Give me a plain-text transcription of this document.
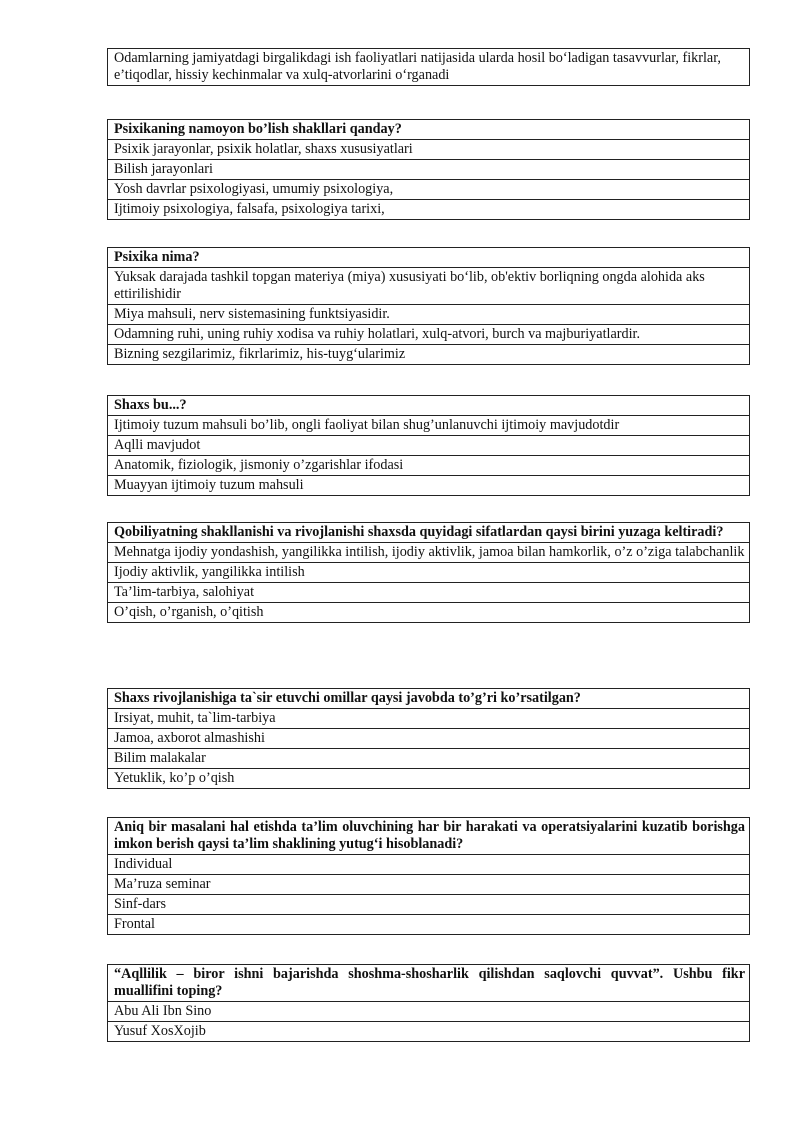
Odamlarning jamiyatdagi birgalikdagi ish faoliyatlari natijasida ularda hosil bo‘ladigan tasavvurlar, fikrlar, e’tiqodlar, hissiy kechinmalar va xulq-atvorlarini o‘rganadi
Psixikaning namoyon bo’lish shakllari qanday?
Psixik jarayonlar, psixik holatlar, shaxs xususiyatlari
Bilish jarayonlari
Yosh davrlar psixologiyasi, umumiy psixologiya,
Ijtimoiy psixologiya, falsafa, psixologiya tarixi,
Psixika nima?
Yuksak darajada tashkil topgan materiya (miya) xususiyati bo‘lib, ob'ektiv borliqning ongda alohida aks ettirilishidir
Miya mahsuli, nerv sistemasining funktsiyasidir.
Odamning ruhi, uning ruhiy xodisa va ruhiy holatlari, xulq-atvori, burch va majburiyatlardir.
Bizning sezgilarimiz, fikrlarimiz, his-tuyg‘ularimiz
Shaxs bu...?
Ijtimoiy tuzum mahsuli bo’lib, ongli faoliyat bilan shug’unlanuvchi ijtimoiy mavjudotdir
Aqlli mavjudot
Anatomik, fiziologik, jismoniy o’zgarishlar ifodasi
Muayyan ijtimoiy tuzum mahsuli
Qobiliyatning shakllanishi va rivojlanishi shaxsda quyidagi sifatlardan qaysi birini yuzaga keltiradi?
Mehnatga ijodiy yondashish, yangilikka intilish, ijodiy aktivlik, jamoa bilan hamkorlik, o’z o’ziga talabchanlik
Ijodiy aktivlik, yangilikka intilish
Ta’lim-tarbiya, salohiyat
O’qish, o’rganish, o’qitish
Shaxs rivojlanishiga ta`sir etuvchi omillar qaysi javobda to’g’ri ko’rsatilgan?
Irsiyat, muhit, ta`lim-tarbiya
Jamoa, axborot almashishi
Bilim malakalar
Yetuklik, ko’p o’qish
Aniq bir masalani hal etishda ta’lim oluvchining har bir harakati va operatsiyalarini kuzatib borishga imkon berish qaysi ta’lim shaklining yutug‘i hisoblanadi?
Individual
Ma’ruza seminar
Sinf-dars
Frontal
“Aqllilik – biror ishni bajarishda shoshma-shosharlik qilishdan saqlovchi quvvat”. Ushbu fikr muallifini toping?
Abu Ali Ibn Sino
Yusuf XosXojib
